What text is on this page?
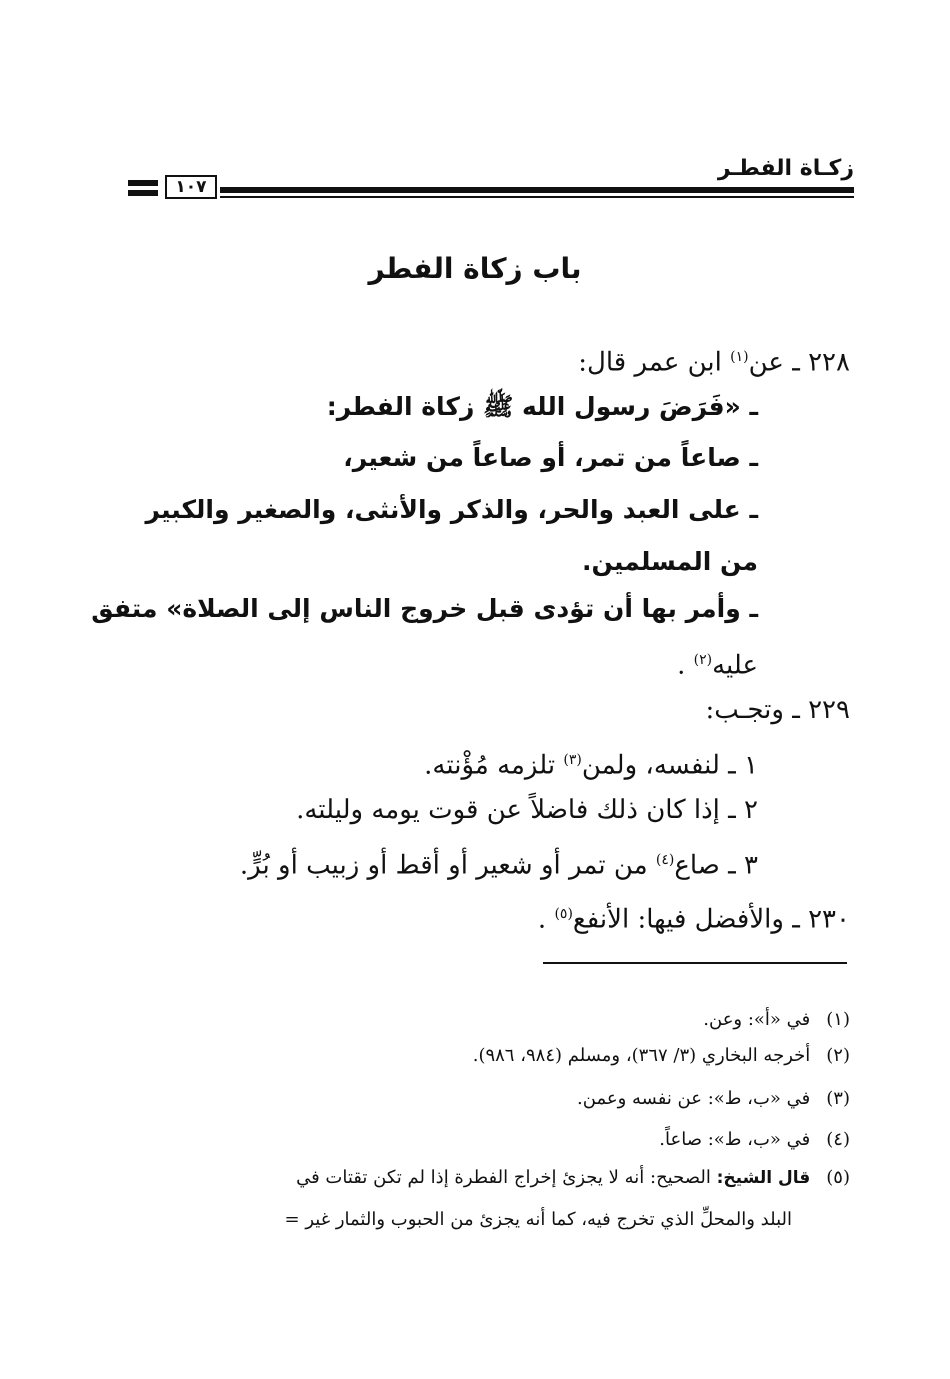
زكـاة الفطـر
١٠٧
باب زكاة الفطر
٢٢٨ ـ عن$^{(١)}$ ابن عمر قال:
ـ «فَرَضَ رسول الله ﷺ زكاة الفطر:
ـ صاعاً من تمر، أو صاعاً من شعير،
ـ على العبد والحر، والذكر والأنثى، والصغير والكبير
من المسلمين.
ـ وأمر بها أن تؤدى قبل خروج الناس إلى الصلاة» متفق
عليه$^{(٢)}$ .
٢٢٩ ـ وتجـب:
١ ـ لنفسه، ولمن$^{(٣)}$ تلزمه مُؤْنته.
٢ ـ إذا كان ذلك فاضلاً عن قوت يومه وليلته.
٣ ـ صاع$^{(٤)}$ من تمر أو شعير أو أقط أو زبيب أو بُرٍّ.
٢٣٠ ـ والأفضل فيها: الأنفع$^{(٥)}$ .
(١) في «أ»: وعن.
(٢) أخرجه البخاري (٣/ ٣٦٧)، ومسلم (٩٨٤، ٩٨٦).
(٣) في «ب، ط»: عن نفسه وعمن.
(٤) في «ب، ط»: صاعاً.
(٥) قال الشيخ: الصحيح: أنه لا يجزئ إخراج الفطرة إذا لم تكن تقتات في
البلد والمحلِّ الذي تخرج فيه، كما أنه يجزئ من الحبوب والثمار غير =
